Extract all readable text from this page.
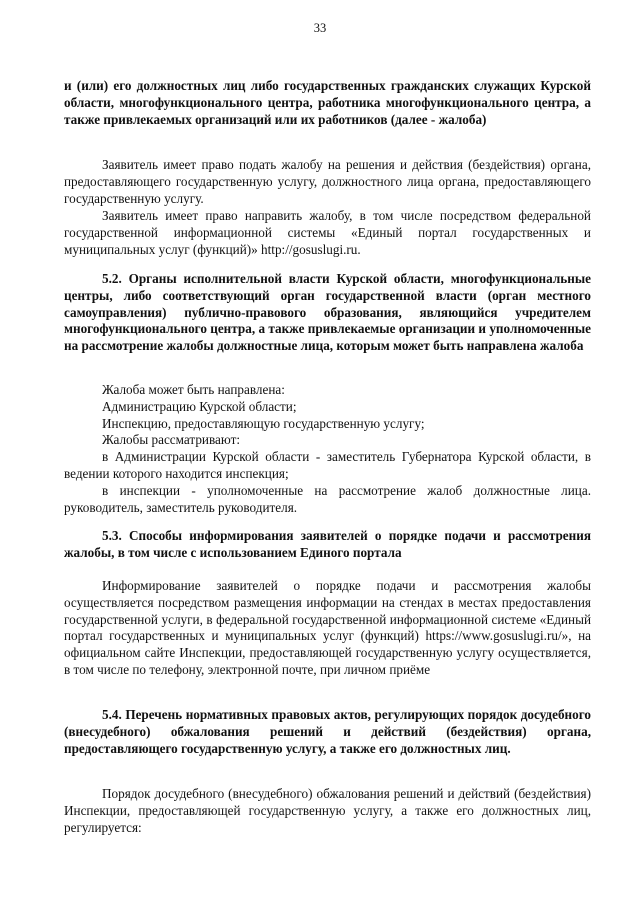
33

и (или) его должностных лиц либо государственных гражданских служащих Курской области, многофункционального центра, работника многофункционального центра, а также привлекаемых организаций или их работников (далее - жалоба)

Заявитель имеет право подать жалобу на решения и действия (бездействия) органа, предоставляющего государственную услугу, должностного лица органа, предоставляющего государственную услугу.

Заявитель имеет право направить жалобу, в том числе посредством федеральной государственной информационной системы «Единый портал государственных и муниципальных услуг (функций)» http://gosuslugi.ru.

5.2. Органы исполнительной власти Курской области, многофункциональные центры, либо соответствующий орган государственной власти (орган местного самоуправления) публично-правового образования, являющийся учредителем многофункционального центра, а также привлекаемые организации и уполномоченные на рассмотрение жалобы должностные лица, которым может быть направлена жалоба

Жалоба может быть направлена:
Администрацию Курской области;
Инспекцию, предоставляющую государственную услугу;
Жалобы рассматривают:

в Администрации Курской области - заместитель Губернатора Курской области, в ведении которого находится инспекция;

в инспекции - уполномоченные на рассмотрение жалоб должностные лица. руководитель, заместитель руководителя.

5.3. Способы информирования заявителей о порядке подачи и рассмотрения жалобы, в том числе с использованием Единого портала

Информирование заявителей о порядке подачи и рассмотрения жалобы осуществляется посредством размещения информации на стендах в местах предоставления государственной услуги, в федеральной государственной информационной системе «Единый портал государственных и муниципальных услуг (функций) https://www.gosuslugi.ru/», на официальном сайте Инспекции, предоставляющей государственную услугу осуществляется, в том числе по телефону, электронной почте, при личном приёме

5.4. Перечень нормативных правовых актов, регулирующих порядок досудебного (внесудебного) обжалования решений и действий (бездействия) органа, предоставляющего государственную услугу, а также его должностных лиц.

Порядок досудебного (внесудебного) обжалования решений и действий (бездействия) Инспекции, предоставляющей государственную услугу, а также его должностных лиц, регулируется:
